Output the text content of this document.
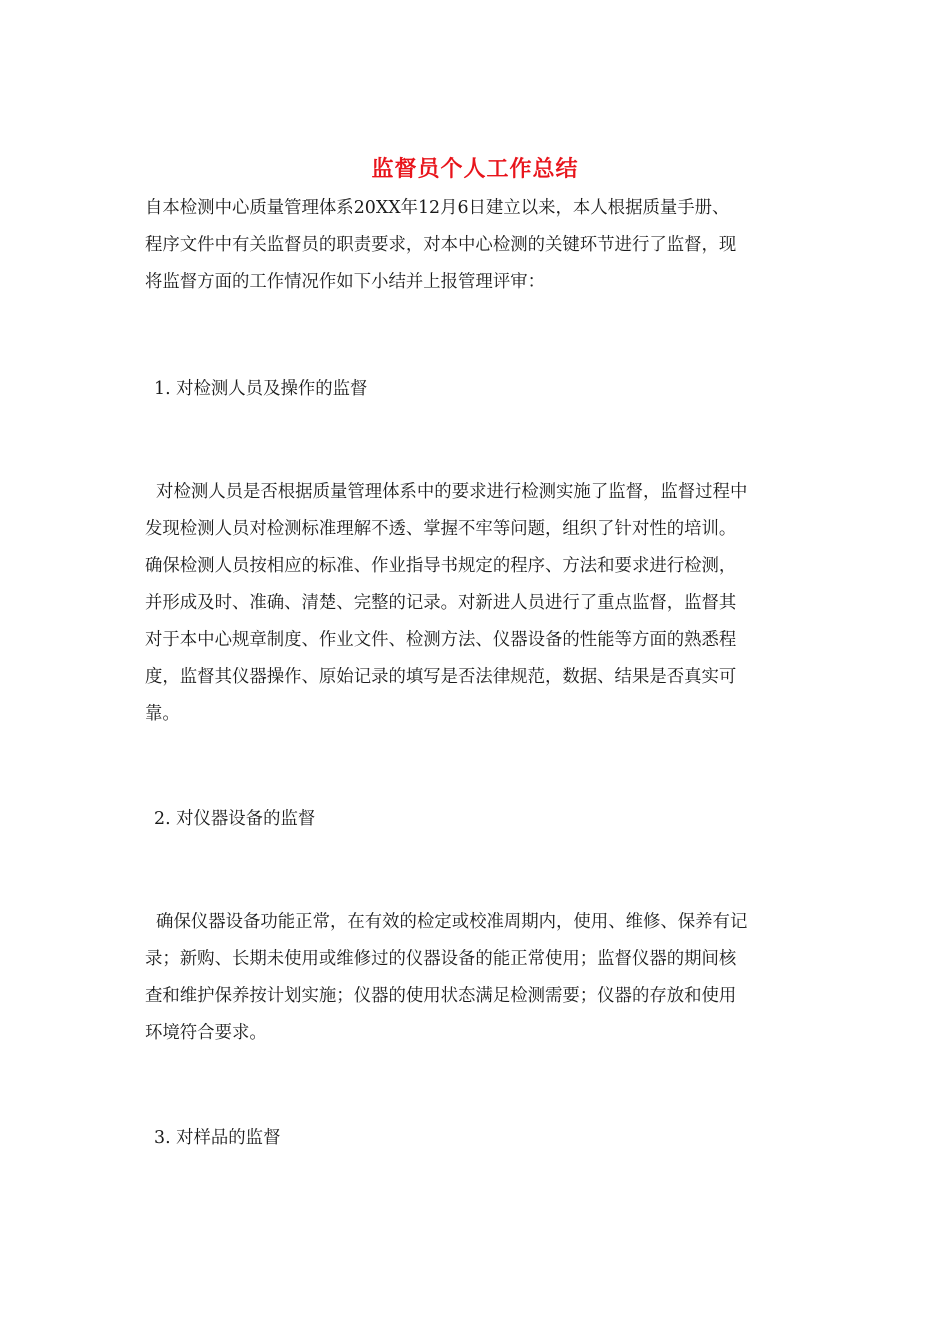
监督员个人工作总结
自本检测中心质量管理体系20XX年12月6日建立以来，本人根据质量手册、
程序文件中有关监督员的职责要求，对本中心检测的关键环节进行了监督，现
将监督方面的工作情况作如下小结并上报管理评审：
1. 对检测人员及操作的监督
对检测人员是否根据质量管理体系中的要求进行检测实施了监督，监督过程中
发现检测人员对检测标准理解不透、掌握不牢等问题，组织了针对性的培训。
确保检测人员按相应的标准、作业指导书规定的程序、方法和要求进行检测，
并形成及时、准确、清楚、完整的记录。对新进人员进行了重点监督，监督其
对于本中心规章制度、作业文件、检测方法、仪器设备的性能等方面的熟悉程
度，监督其仪器操作、原始记录的填写是否法律规范，数据、结果是否真实可
靠。
2. 对仪器设备的监督
确保仪器设备功能正常，在有效的检定或校准周期内，使用、维修、保养有记
录；新购、长期未使用或维修过的仪器设备的能正常使用；监督仪器的期间核
查和维护保养按计划实施；仪器的使用状态满足检测需要；仪器的存放和使用
环境符合要求。
3. 对样品的监督
